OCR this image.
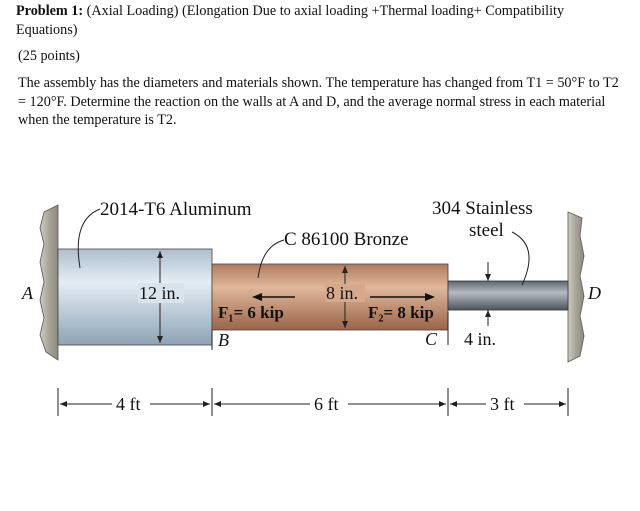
Problem 1: (Axial Loading) (Elongation Due to axial loading +Thermal loading+ Compatibility Equations)
(25 points)
The assembly has the diameters and materials shown. The temperature has changed from T1 = 50°F to T2 = 120°F. Determine the reaction on the walls at A and D, and the average normal stress in each material when the temperature is T2.
2014-T6 Aluminum
C 86100 Bronze
304 Stainless
steel
A	D
B	C
12 in.	8 in.
4 in.
F₁= 6 kip	F₂= 8 kip
4 ft	6 ft	3 ft
